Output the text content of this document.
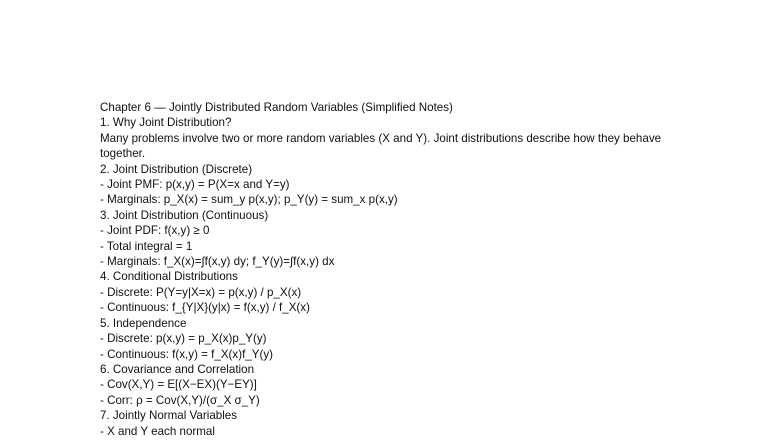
Chapter 6 — Jointly Distributed Random Variables (Simplified Notes)
1. Why Joint Distribution?
Many problems involve two or more random variables (X and Y). Joint distributions describe how they behave together.
2. Joint Distribution (Discrete)
- Joint PMF: p(x,y) = P(X=x and Y=y)
- Marginals: p_X(x) = sum_y p(x,y); p_Y(y) = sum_x p(x,y)
3. Joint Distribution (Continuous)
- Joint PDF: f(x,y) ≥ 0
- Total integral = 1
- Marginals: f_X(x)=∫f(x,y) dy; f_Y(y)=∫f(x,y) dx
4. Conditional Distributions
- Discrete: P(Y=y|X=x) = p(x,y) / p_X(x)
- Continuous: f_{Y|X}(y|x) = f(x,y) / f_X(x)
5. Independence
- Discrete: p(x,y) = p_X(x)p_Y(y)
- Continuous: f(x,y) = f_X(x)f_Y(y)
6. Covariance and Correlation
- Cov(X,Y) = E[(X−EX)(Y−EY)]
- Corr: ρ = Cov(X,Y)/(σ_X σ_Y)
7. Jointly Normal Variables
- X and Y each normal
